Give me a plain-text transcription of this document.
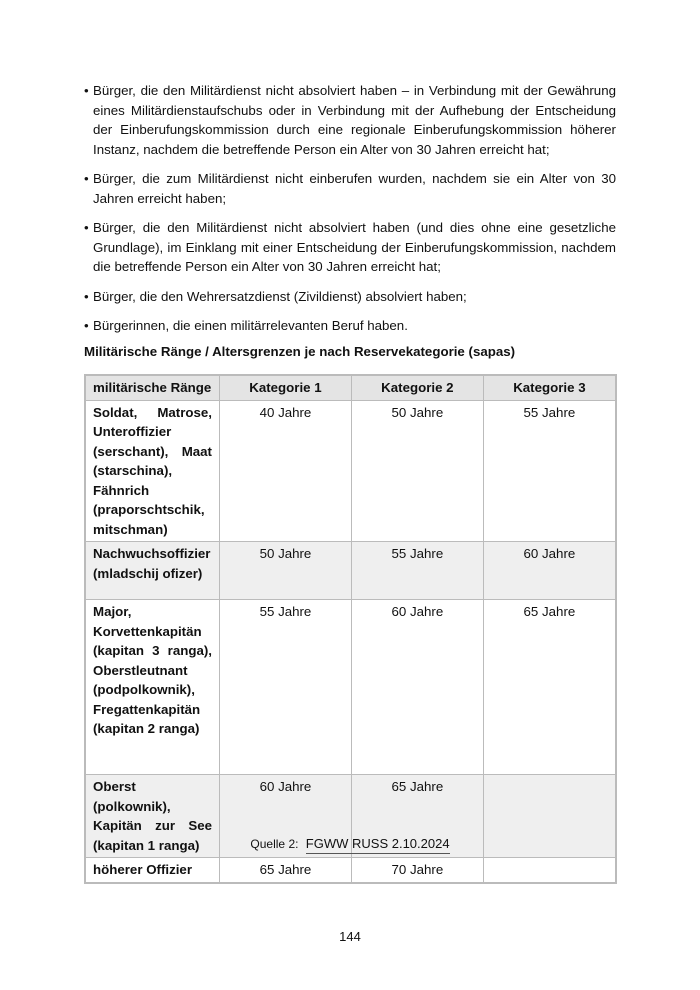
• Bürger, die den Militärdienst nicht absolviert haben – in Verbindung mit der Gewährung eines Militärdienstaufschubs oder in Verbindung mit der Aufhebung der Entscheidung der Einberufungskommission durch eine regionale Einberufungskommission höherer Instanz, nachdem die betreffende Person ein Alter von 30 Jahren erreicht hat;
• Bürger, die zum Militärdienst nicht einberufen wurden, nachdem sie ein Alter von 30 Jahren erreicht haben;
• Bürger, die den Militärdienst nicht absolviert haben (und dies ohne eine gesetzliche Grundlage), im Einklang mit einer Entscheidung der Einberufungskommission, nachdem die betreffende Person ein Alter von 30 Jahren erreicht hat;
• Bürger, die den Wehrersatzdienst (Zivildienst) absolviert haben;
• Bürgerinnen, die einen militärrelevanten Beruf haben.
Militärische Ränge / Altersgrenzen je nach Reservekategorie (sapas)
militärische Ränge	Kategorie 1	Kategorie 2	Kategorie 3
Soldat, Matrose, Unteroffizier (serschant), Maat (starschina), Fähnrich (praporschtschik, mitschman)	40 Jahre	50 Jahre	55 Jahre
Nachwuchsoffizier (mladschij ofizer)	50 Jahre	55 Jahre	60 Jahre
Major, Korvettenkapitän (kapitan 3 ranga), Oberstleutnant (podpolkownik), Fregattenkapitän (kapitan 2 ranga)	55 Jahre	60 Jahre	65 Jahre
Oberst (polkownik), Kapitän zur See (kapitan 1 ranga)	60 Jahre	65 Jahre	
höherer Offizier	65 Jahre	70 Jahre	
Quelle 2: FGWW RUSS 2.10.2024
144
